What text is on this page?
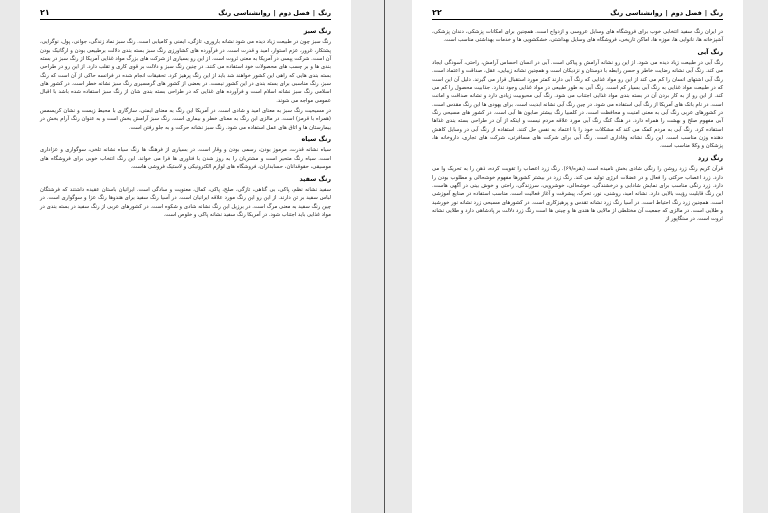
رنگ|فصل دوم|روانشناسی رنگ
۲۱
رنگ سبز

رنگ سبز چون در طبیعت زیاد دیده می شود نشانه باروری، تازگی، ایمنی و کامیابی است. رنگ سبز نماد زندگی، جوانی، پول، نوگرایی، پشتکار، غرور، عزم استوار، امید و قدرت است. در فرآورده های کشاورزی رنگ سبز بسته بندی دلالت برطبیعی بودن و ارگانیک بودن آن است. شرکت پپسی در آمریکا به معنی ثروت است. از این رو بسیاری از شرکت های بزرگ مواد غذایی آمریکا از رنگ سبز در بسته بندی ها و بر چسب های محصولات خود استفاده می کنند. در چنین رنگ سبز و دلالت بر قوی کاری و تقلب دارد. از این رو در طراحی بسته بندی هایی که راهی این کشور خواهند شد باید از این رنگ پرهیز کرد. تحقیقات انجام شده در فرانسه حاکی از آن است که رنگ سبز، رنگ مناسبی برای بسته بندی در این کشور نیست. در بعضی از کشور های گرمسیری رنگ سبز نشانه خطر است. در کشور های اسلامی رنگ سبز نشانه اسلام است و فرآورده های غذایی که در طراحی بسته بندی شان از رنگ سبز استفاده شده باشد با اقبال عمومی مواجه می شوند.

در مسیحیت رنگ سبز به معنای امید و شادی است. در آمریکا این رنگ به معنای ایمنی، سازگاری با محیط زیست و نشان کریسمس (همراه با قرمز) است. در مالزی این رنگ به معنای خطر و بیماری است. رنگ سبز آرامش بخش است و به عنوان رنگ آرام بخش در بیمارستان ها و اتاق های عمل استفاده می شود. رنگ سبز نشانه حرکت و به جلو رفتن است.

رنگ سیاه

سیاه نشانه قدرت، مرموز بودن، رسمی بودن و وقار است. در بسیاری از فرهنگ ها رنگ سیاه نشانه تلخی، سوگواری و عزاداری است. سیاه رنگ متحیر است و مشتریان را به روز شدن با فناوری ها فرا می خواند. این رنگ انتخاب خوبی برای فروشگاه های موسیقی، حقوقدانان، حسابداران، فروشگاه های لوازم الکترونیکی و لاستیک فروشی هاست.

رنگ سفید

سفید نشانه نظم، پاکی، بی گناهی، تازگی، صلح، پاکی، کمال، معنویت و سادگی است. ایرانیان باستان عقیده داشتند که فرشتگان لباس سفید بر تن دارند. از این رو این رنگ مورد علاقه ایرانیان است. در آسیا رنگ سفید برای هندوها رنگ عزا و سوگواری است. در چین رنگ سفید به معنی مرگ است. در برزیل این رنگ نشانه شادی و شکوه است. در کشورهای عربی از رنگ سفید در بسته بندی در مواد غذایی باید اجتناب شود. در آمریکا رنگ سفید نشانه پاکی و خلوص است.

رنگ|فصل دوم|روانشناسی رنگ
۲۲

در ایران رنگ سفید انتخابی خوب برای فروشگاه های وسایل عروسی و ازدواج است. همچنین برای امکانات پزشکی، دندان پزشکی، آشپزخانه ها، نانوایی ها، موزه ها، اماکن تاریخی، فروشگاه های وسایل بهداشتی، خشکشویی ها و خدمات بهداشتی مناسب است.

رنگ آبی

رنگ آبی در طبیعت زیاد دیده می شود. از این رو نشانه آرامش و پیاکی است. آبی در انسان احساس آرامش، راحتی، آسودگی ایجاد می کند. رنگ آبی نشانه رضایت خاطر و حسن رابطه با دوستان و نزدیکان است و همچنین نشانه زیبایی، عقل، صداقت و اعتماد است. رنگ آبی اشتهای انسان را کم می کند از این رو مواد غذایی که رنگ آبی دارند کمتر مورد استقبال قرار می گیرند. دلیل آن این است که در طبیعت مواد غذایی به رنگ آبی بسیار کم است. رنگ آبی به طور طبیعی در مواد غذایی وجود ندارد. جذابیت محصول را کم می کند. از این رو از به کار بردن آن در بسته بندی مواد غذایی اجتناب می شود. رنگ آبی محبوبیت زیادی دارد و نشانه صداقت و امانت است. در نام بانک های آمریکا از رنگ آبی استفاده می شود. در چین رنگ آبی نشانه ابدیت است. برای یهودی ها این رنگ مقدس است. در کشورهای عربی رنگ آبی به معنی امنیت و محافظت است. در کلمبیا رنگ بیشتر صابون ها آبی است. در کشور های مسیحی رنگ آبی مفهوم صلح و بهشت را همراه دارد. در هنگ کنگ رنگ آبی مورد علاقه مردم نیست و اینکه از آن در طراحی بسته بندی غذاها استفاده کرد. رنگ آبی به مردم کمک می کند که مشکلات خود را با اعتماد به نفس حل کنند. استفاده از رنگ آبی در وسایل کاهش دهنده وزن مناسب است. این رنگ نشانه وفاداری است. رنگ آبی برای شرکت های مسافرتی، شرکت های تجاری، داروخانه ها، پزشکان و وکلا مناسب است.

رنگ زرد

قرآن کریم رنگ زرد روشن را رنگی شادی بخش نامیده است (بقره/۶۹). رنگ زرد اعصاب را تقویت کرده، ذهن را به تحریک وا می دارد. زرد اعصاب حرکتی را فعال و در عضلات انرژی تولید می کند. رنگ زرد در بیشتر کشورها مفهوم خوشحالی و مطلوب بودن را دارد. زرد رنگی مناسب برای نمایش شادابی و درخشندگی، خوشحالی، خوشرویی، سرزندگی، راحتی و خوش بینی در آگهی هاست. این رنگ قابلیت رؤیت بالایی دارد. نشانه امید، روشنی، نور، تحرک، پیشرفت و آغاز فعالیت است. مناسب استفاده در صنایع آموزشی است. همچنین زرد رنگ احتیاط است. در آسیا رنگ زرد نشانه تقدس و پرهیزکاری است. در کشورهای مسیحی زرد نشانه نور خورشید و طلایی است. در مالزی که جمعیت آن مختلطی از مالایی ها هندی ها و چینی ها است رنگ زرد دلالت بر پادشاهی دارد و طلایی نشانه ثروت است. در سنگاپور از
